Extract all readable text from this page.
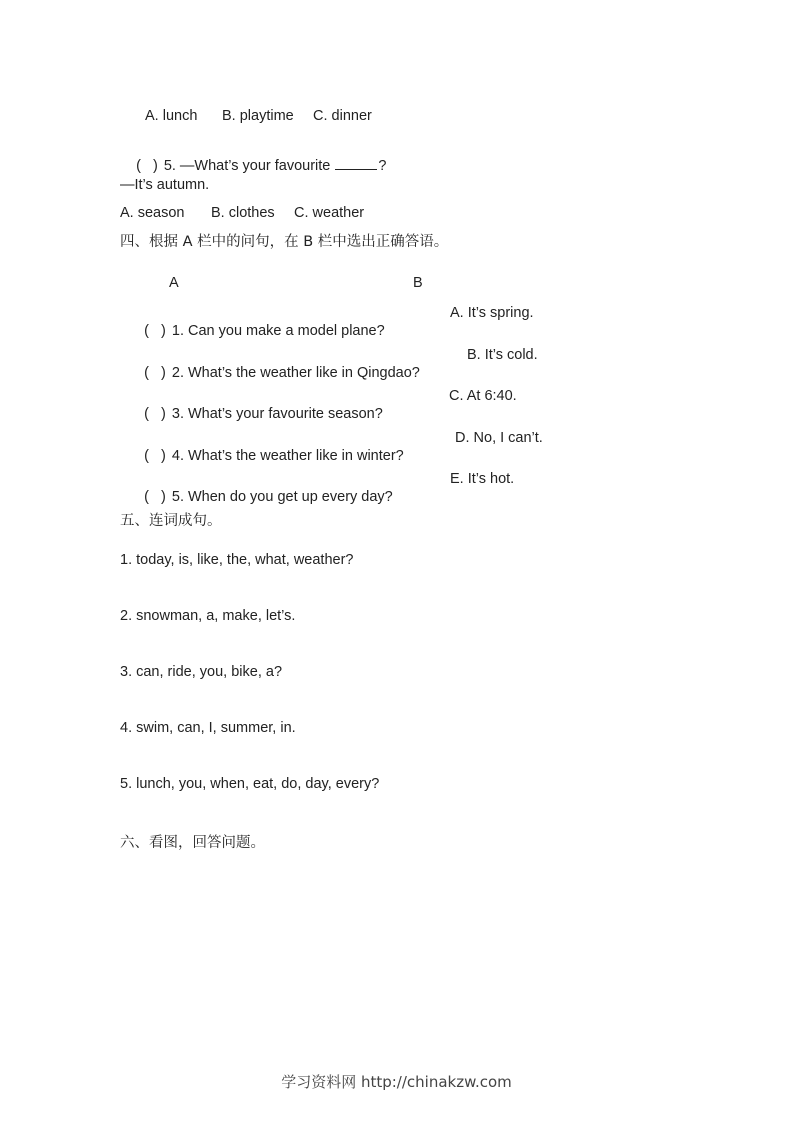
A. lunch B. playtime C. dinner

(   ) 5. —What’s your favourite	?

—It’s autumn.
A. season B. clothes C. weather
四、根据 A 栏中的问句，在 B 栏中选出正确答语。
A	B

(   ) 1. Can you make a model plane?

A. It’s spring.

(   ) 2. What’s the weather like in Qingdao?

B. It’s cold.

(   ) 3. What’s your favourite season?

C. At 6:40.

(   ) 4. What’s the weather like in winter?

D. No, I can’t.

(   ) 5. When do you get up every day?

E. It’s hot.
五、连词成句。
1. today, is, like, the, what, weather?
2. snowman, a, make, let’s.
3. can, ride, you, bike, a?
4. swim, can, I, summer, in.
5. lunch, you, when, eat, do, day, every?
六、看图，回答问题。
学习资料网 http://chinakzw.com
